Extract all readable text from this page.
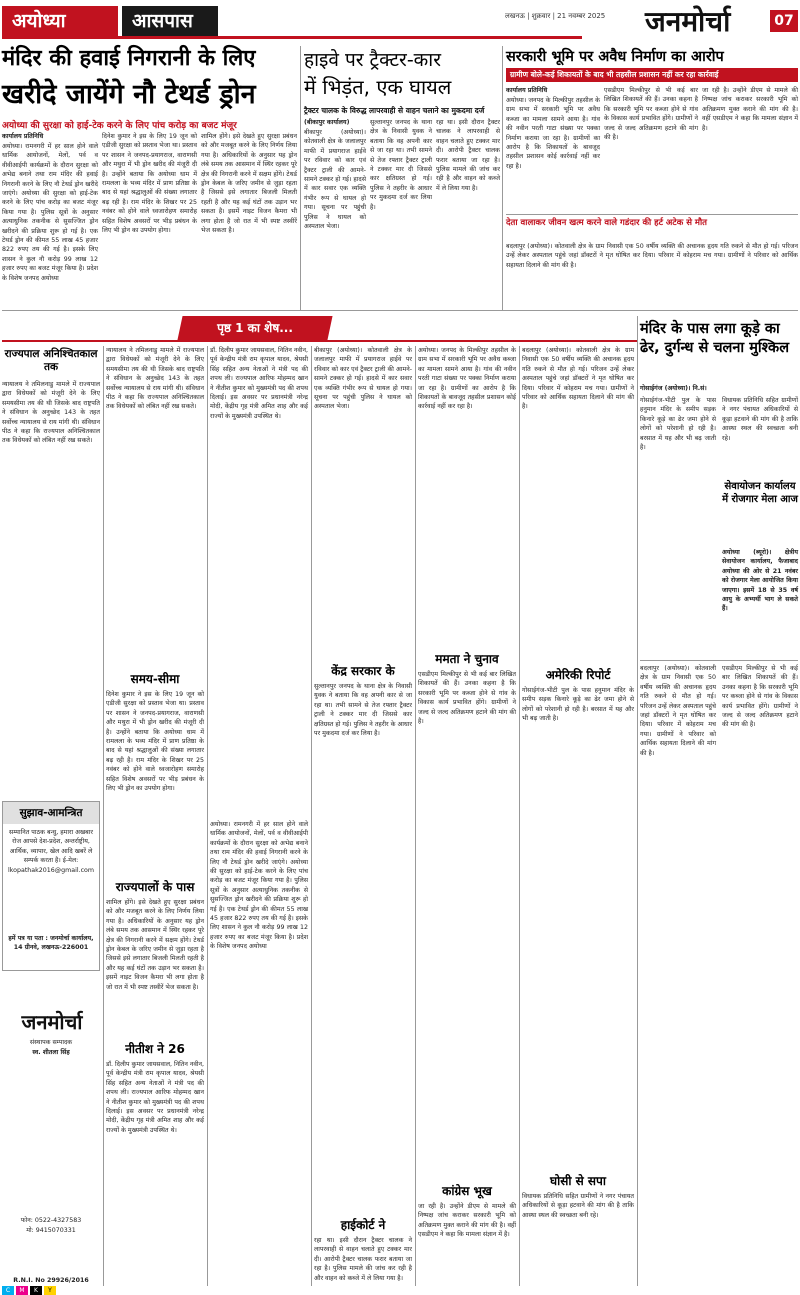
अयोध्या	आसपास	लखनऊ | शुक्रवार | 21 नवम्बर 2025	जनमोर्चा	07
मंदिर की हवाई निगरानी के लिए
खरीदे जायेंगे नौ टेथर्ड ड्रोन
अयोध्या की सुरक्षा को हाई-टेक करने के लिए पांच करोड़ का बजट मंजूर
कार्यालय प्रतिनिधि
अयोध्या। रामनगरी में हर साल होने वाले धार्मिक आयोजनों, मेलों, पर्व व वीवीआईपी कार्यक्रमों के दौरान सुरक्षा को अभेद्य बनाने तथा राम मंदिर की हवाई निगरानी करने के लिए नौ टेथर्ड ड्रोन खरीदे जाएंगे। अयोध्या की सुरक्षा को हाई-टेक करने के लिए पांच करोड़ का बजट मंजूर किया गया है। पुलिस सूत्रों के अनुसार अत्याधुनिक तकनीक से सुसज्जित ड्रोन खरीदने की प्रक्रिया शुरू हो गई है। एक टेथर्ड ड्रोन की कीमत 55 लाख 45 हजार 822 रुपए तय की गई है। इसके लिए शासन ने कुल नौ करोड़ 99 लाख 12 हजार रुपए का बजट मंजूर किया है। प्रदेश के विशेष जनपद अयोध्या
दिनेश कुमार ने इस के लिए 19 जून को एडीजी सुरक्षा को प्रस्ताव भेजा था। प्रस्ताव पर शासन ने जनपद-प्रयागराज, वाराणसी और मथुरा में भी ड्रोन खरीद की मंजूरी दी है। उन्होंने बताया कि अयोध्या धाम में रामलला के भव्य मंदिर में प्राण प्रतिष्ठा के बाद से यहां श्रद्धालुओं की संख्या लगातार बढ़ रही है। राम मंदिर के शिखर पर 25 नवंबर को होने वाले ध्वजारोहण समारोह सहित विशेष अवसरों पर भीड़ प्रबंधन के लिए भी ड्रोन का उपयोग होगा।
शामिल होंगे। इसे देखते हुए सुरक्षा प्रबंधन को और मजबूत करने के लिए निर्णय लिया गया है। अधिकारियों के अनुसार यह ड्रोन लंबे समय तक आसमान में स्थिर रहकर पूरे क्षेत्र की निगरानी करने में सक्षम होंगे। टेथर्ड ड्रोन केबल के जरिए जमीन से जुड़ा रहता है जिससे इसे लगातार बिजली मिलती रहती है और यह कई घंटों तक उड़ान भर सकता है। इसमें नाइट विजन कैमरा भी लगा होता है जो रात में भी स्पष्ट तस्वीरें भेज सकता है।
हाइवे पर ट्रैक्टर-कार
में भिड़ंत, एक घायल
ट्रैक्टर चालक के विरुद्ध लापरवाही से वाहन चलाने का मुकदमा दर्ज
(बीकापुर कार्यालय)
बीकापुर (अयोध्या)। कोतवाली क्षेत्र के जलालपुर माफी में प्रयागराज हाईवे पर रविवार को कार एवं ट्रैक्टर ट्राली की आमने-सामने टक्कर हो गई। हादसे में कार सवार एक व्यक्ति गंभीर रूप से घायल हो गया। सूचना पर पहुंची पुलिस ने घायल को अस्पताल भेजा।
सुल्तानपुर जनपद के थाना क्षेत्र के निवासी युवक ने बताया कि वह अपनी कार से जा रहा था। तभी सामने से तेज रफ्तार ट्रैक्टर ट्राली ने टक्कर मार दी जिससे कार क्षतिग्रस्त हो गई। पुलिस ने तहरीर के आधार पर मुकदमा दर्ज कर लिया है।
रहा था। इसी दौरान ट्रैक्टर चालक ने लापरवाही से वाहन चलाते हुए टक्कर मार दी। आरोपी ट्रैक्टर चालक फरार बताया जा रहा है। पुलिस मामले की जांच कर रही है और वाहन को कब्जे में ले लिया गया है।
सरकारी भूमि पर अवैध निर्माण का आरोप
ग्रामीण बोले-कई शिकायतों के बाद भी तहसील प्रशासन नहीं कर रहा कार्रवाई
कार्यालय प्रतिनिधि
अयोध्या। जनपद के मिल्कीपुर तहसील के ग्राम सभा में सरकारी भूमि पर अवैध कब्जा का मामला सामने आया है। गांव की नवीन परती गाटा संख्या पर पक्का निर्माण कराया जा रहा है। ग्रामीणों का आरोप है कि शिकायतों के बावजूद तहसील प्रशासन कोई कार्रवाई नहीं कर रहा है।
एसडीएम मिल्कीपुर से भी कई बार लिखित शिकायतें की हैं। उनका कहना है कि सरकारी भूमि पर कब्जा होने से गांव के विकास कार्य प्रभावित होंगे। ग्रामीणों ने जल्द से जल्द अतिक्रमण हटाने की मांग की है।
जा रही है। उन्होंने डीएम से मामले की निष्पक्ष जांच कराकर सरकारी भूमि को अतिक्रमण मुक्त कराने की मांग की है। वहीं एसडीएम ने कहा कि मामला संज्ञान में है।
देता वालाकर जीवन खत्म करने वाले गडंदार की हर्ट अटेक से मौत
बदलापुर (अयोध्या)। कोतवाली क्षेत्र के ग्राम निवासी एक 50 वर्षीय व्यक्ति की अचानक हृदय गति रुकने से मौत हो गई। परिजन उन्हें लेकर अस्पताल पहुंचे जहां डॉक्टरों ने मृत घोषित कर दिया। परिवार में कोहराम मच गया। ग्रामीणों ने परिवार को आर्थिक सहायता दिलाने की मांग की है।
पृष्ठ 1 का शेष...
राज्यपाल अनिश्चितकाल तक
न्यायालय ने तमिलनाडु मामले में राज्यपाल द्वारा विधेयकों को मंजूरी देने के लिए समयसीमा तय की थी जिसके बाद राष्ट्रपति ने संविधान के अनुच्छेद 143 के तहत सर्वोच्च न्यायालय से राय मांगी थी। संविधान पीठ ने कहा कि राज्यपाल अनिश्चितकाल तक विधेयकों को लंबित नहीं रख सकते।
सुझाव-आमन्त्रित
सम्मानित पाठक बन्धु, हमारा अखबार रोज आपसे देश-प्रदेश, अन्तर्राष्ट्रीय, आर्थिक, व्यापार, खेल आदि खबरें ले सम्पर्क करता है। ई-मेल: lkopathak2016@gmail.com
हमें पत्र या पता : जनमोर्चा कार्यालय, 14 ग्रीनवे, लखनऊ-226001
जनमोर्चा
संस्थापक सम्पादक
स्व. शीतला सिंह
फोन: 0522-4327583
मो: 9415070331
R.N.I. No 29926/2016
न्यायालय ने तमिलनाडु मामले में राज्यपाल द्वारा विधेयकों को मंजूरी देने के लिए समयसीमा तय की थी जिसके बाद राष्ट्रपति ने संविधान के अनुच्छेद 143 के तहत सर्वोच्च न्यायालय से राय मांगी थी। संविधान पीठ ने कहा कि राज्यपाल अनिश्चितकाल तक विधेयकों को लंबित नहीं रख सकते।
समय-सीमा
दिनेश कुमार ने इस के लिए 19 जून को एडीजी सुरक्षा को प्रस्ताव भेजा था। प्रस्ताव पर शासन ने जनपद-प्रयागराज, वाराणसी और मथुरा में भी ड्रोन खरीद की मंजूरी दी है। उन्होंने बताया कि अयोध्या धाम में रामलला के भव्य मंदिर में प्राण प्रतिष्ठा के बाद से यहां श्रद्धालुओं की संख्या लगातार बढ़ रही है। राम मंदिर के शिखर पर 25 नवंबर को होने वाले ध्वजारोहण समारोह सहित विशेष अवसरों पर भीड़ प्रबंधन के लिए भी ड्रोन का उपयोग होगा।
राज्यपालों के पास
शामिल होंगे। इसे देखते हुए सुरक्षा प्रबंधन को और मजबूत करने के लिए निर्णय लिया गया है। अधिकारियों के अनुसार यह ड्रोन लंबे समय तक आसमान में स्थिर रहकर पूरे क्षेत्र की निगरानी करने में सक्षम होंगे। टेथर्ड ड्रोन केबल के जरिए जमीन से जुड़ा रहता है जिससे इसे लगातार बिजली मिलती रहती है और यह कई घंटों तक उड़ान भर सकता है। इसमें नाइट विजन कैमरा भी लगा होता है जो रात में भी स्पष्ट तस्वीरें भेज सकता है।
नीतीश ने 26
डॉ. दिलीप कुमार जायसवाल, नितिन नवीन, पूर्व केन्द्रीय मंत्री राम कृपाल यादव, श्रेयसी सिंह सहित अन्य नेताओं ने मंत्री पद की शपथ ली। राज्यपाल आरिफ मोहम्मद खान ने नीतीश कुमार को मुख्यमंत्री पद की शपथ दिलाई। इस अवसर पर प्रधानमंत्री नरेन्द्र मोदी, केंद्रीय गृह मंत्री अमित शाह और कई राज्यों के मुख्यमंत्री उपस्थित थे।
डॉ. दिलीप कुमार जायसवाल, नितिन नवीन, पूर्व केन्द्रीय मंत्री राम कृपाल यादव, श्रेयसी सिंह सहित अन्य नेताओं ने मंत्री पद की शपथ ली। राज्यपाल आरिफ मोहम्मद खान ने नीतीश कुमार को मुख्यमंत्री पद की शपथ दिलाई। इस अवसर पर प्रधानमंत्री नरेन्द्र मोदी, केंद्रीय गृह मंत्री अमित शाह और कई राज्यों के मुख्यमंत्री उपस्थित थे।
अयोध्या। रामनगरी में हर साल होने वाले धार्मिक आयोजनों, मेलों, पर्व व वीवीआईपी कार्यक्रमों के दौरान सुरक्षा को अभेद्य बनाने तथा राम मंदिर की हवाई निगरानी करने के लिए नौ टेथर्ड ड्रोन खरीदे जाएंगे। अयोध्या की सुरक्षा को हाई-टेक करने के लिए पांच करोड़ का बजट मंजूर किया गया है। पुलिस सूत्रों के अनुसार अत्याधुनिक तकनीक से सुसज्जित ड्रोन खरीदने की प्रक्रिया शुरू हो गई है। एक टेथर्ड ड्रोन की कीमत 55 लाख 45 हजार 822 रुपए तय की गई है। इसके लिए शासन ने कुल नौ करोड़ 99 लाख 12 हजार रुपए का बजट मंजूर किया है। प्रदेश के विशेष जनपद अयोध्या
बीकापुर (अयोध्या)। कोतवाली क्षेत्र के जलालपुर माफी में प्रयागराज हाईवे पर रविवार को कार एवं ट्रैक्टर ट्राली की आमने-सामने टक्कर हो गई। हादसे में कार सवार एक व्यक्ति गंभीर रूप से घायल हो गया। सूचना पर पहुंची पुलिस ने घायल को अस्पताल भेजा।
केंद्र सरकार के
सुल्तानपुर जनपद के थाना क्षेत्र के निवासी युवक ने बताया कि वह अपनी कार से जा रहा था। तभी सामने से तेज रफ्तार ट्रैक्टर ट्राली ने टक्कर मार दी जिससे कार क्षतिग्रस्त हो गई। पुलिस ने तहरीर के आधार पर मुकदमा दर्ज कर लिया है।
हाईकोर्ट ने
रहा था। इसी दौरान ट्रैक्टर चालक ने लापरवाही से वाहन चलाते हुए टक्कर मार दी। आरोपी ट्रैक्टर चालक फरार बताया जा रहा है। पुलिस मामले की जांच कर रही है और वाहन को कब्जे में ले लिया गया है।
अयोध्या। जनपद के मिल्कीपुर तहसील के ग्राम सभा में सरकारी भूमि पर अवैध कब्जा का मामला सामने आया है। गांव की नवीन परती गाटा संख्या पर पक्का निर्माण कराया जा रहा है। ग्रामीणों का आरोप है कि शिकायतों के बावजूद तहसील प्रशासन कोई कार्रवाई नहीं कर रहा है।
ममता ने चुनाव
एसडीएम मिल्कीपुर से भी कई बार लिखित शिकायतें की हैं। उनका कहना है कि सरकारी भूमि पर कब्जा होने से गांव के विकास कार्य प्रभावित होंगे। ग्रामीणों ने जल्द से जल्द अतिक्रमण हटाने की मांग की है।
कांग्रेस भूख
जा रही है। उन्होंने डीएम से मामले की निष्पक्ष जांच कराकर सरकारी भूमि को अतिक्रमण मुक्त कराने की मांग की है। वहीं एसडीएम ने कहा कि मामला संज्ञान में है।
बदलापुर (अयोध्या)। कोतवाली क्षेत्र के ग्राम निवासी एक 50 वर्षीय व्यक्ति की अचानक हृदय गति रुकने से मौत हो गई। परिजन उन्हें लेकर अस्पताल पहुंचे जहां डॉक्टरों ने मृत घोषित कर दिया। परिवार में कोहराम मच गया। ग्रामीणों ने परिवार को आर्थिक सहायता दिलाने की मांग की है।
अमेरिकी रिपोर्ट
गोसाईगंज-भीटी पुल के पास हनुमान मंदिर के समीप सड़क किनारे कूड़े का ढेर जमा होने से लोगों को परेशानी हो रही है। बरसात में यह और भी बढ़ जाती है।
घोसी से सपा
विधायक प्रतिनिधि सहित ग्रामीणों ने नगर पंचायत अधिकारियों से कूड़ा हटवाने की मांग की है ताकि आस्था स्थल की स्वच्छता बनी रहे।
मंदिर के पास लगा कूड़े का ढेर, दुर्गन्ध से चलना मुश्किल
गोसाईगंज (अयोध्या)। नि.सं।
गोसाईगंज-भीटी पुल के पास हनुमान मंदिर के समीप सड़क किनारे कूड़े का ढेर जमा होने से लोगों को परेशानी हो रही है। बरसात में यह और भी बढ़ जाती है।
विधायक प्रतिनिधि सहित ग्रामीणों ने नगर पंचायत अधिकारियों से कूड़ा हटवाने की मांग की है ताकि आस्था स्थल की स्वच्छता बनी रहे।
सेवायोजन कार्यालय में रोजगार मेला आज
अयोध्या (ब्यूरो)। क्षेत्रीय सेवायोजन कार्यालय, फैजाबाद अयोध्या की ओर से 21 नवंबर को रोजगार मेला आयोजित किया जाएगा। इसमें 18 से 35 वर्ष आयु के अभ्यर्थी भाग ले सकते हैं।
बदलापुर (अयोध्या)। कोतवाली क्षेत्र के ग्राम निवासी एक 50 वर्षीय व्यक्ति की अचानक हृदय गति रुकने से मौत हो गई। परिजन उन्हें लेकर अस्पताल पहुंचे जहां डॉक्टरों ने मृत घोषित कर दिया। परिवार में कोहराम मच गया। ग्रामीणों ने परिवार को आर्थिक सहायता दिलाने की मांग की है।
एसडीएम मिल्कीपुर से भी कई बार लिखित शिकायतें की हैं। उनका कहना है कि सरकारी भूमि पर कब्जा होने से गांव के विकास कार्य प्रभावित होंगे। ग्रामीणों ने जल्द से जल्द अतिक्रमण हटाने की मांग की है।
C	M	K	Y
